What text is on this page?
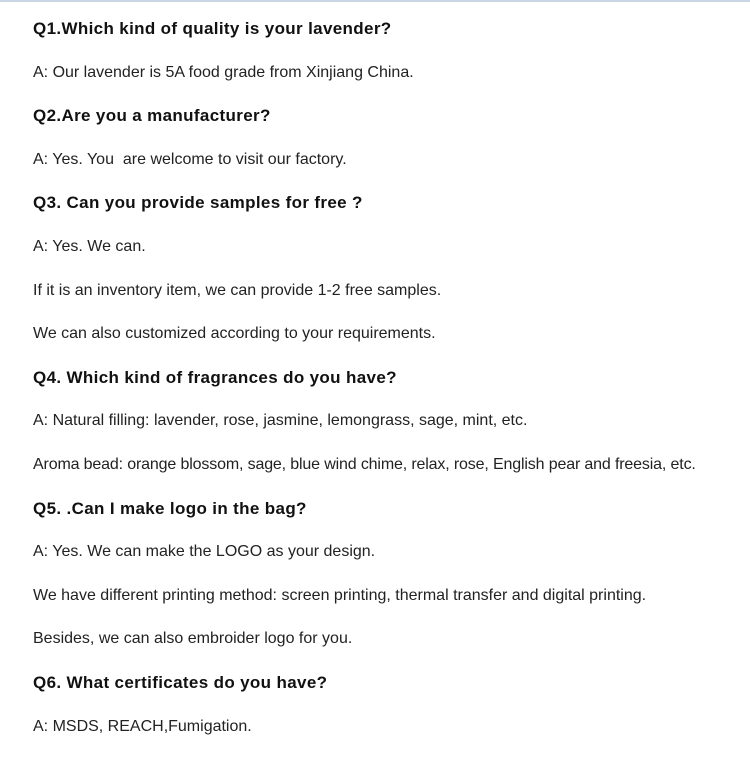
Q1.Which kind of quality is your lavender?
A: Our lavender is 5A food grade from Xinjiang China.
Q2.Are you a manufacturer?
A: Yes. You  are welcome to visit our factory.
Q3. Can you provide samples for free ?
A: Yes. We can.
If it is an inventory item, we can provide 1-2 free samples.
We can also customized according to your requirements.
Q4. Which kind of fragrances do you have?
A: Natural filling: lavender, rose, jasmine, lemongrass, sage, mint, etc.
Aroma bead: orange blossom, sage, blue wind chime, relax, rose, English pear and freesia, etc.
Q5. .Can I make logo in the bag?
A: Yes. We can make the LOGO as your design.
We have different printing method: screen printing, thermal transfer and digital printing.
Besides, we can also embroider logo for you.
Q6. What certificates do you have?
A: MSDS, REACH,Fumigation.
